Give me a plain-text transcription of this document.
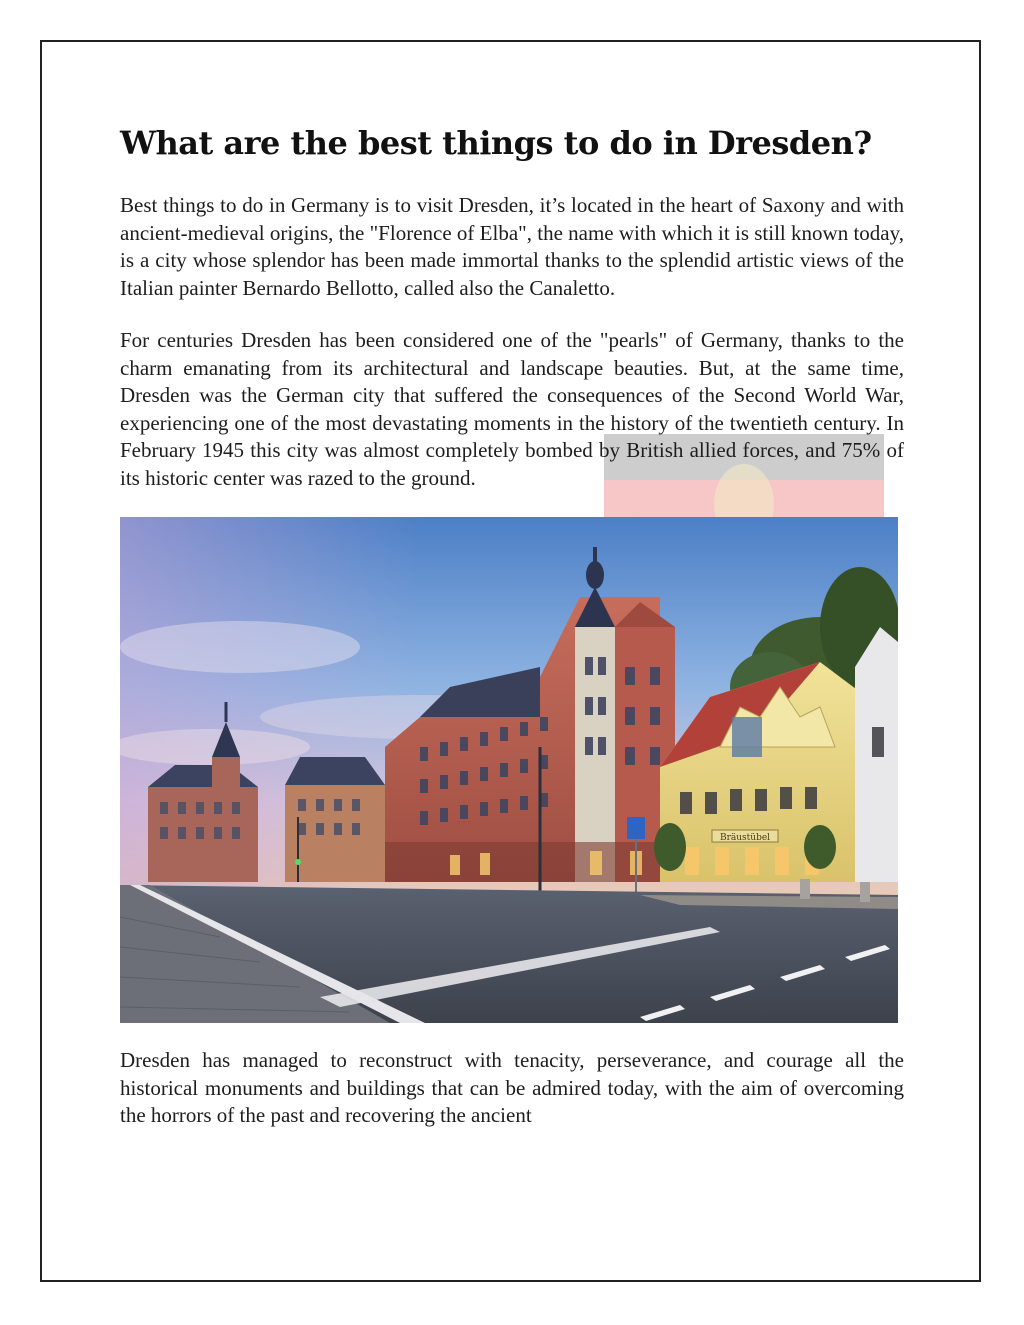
What are the best things to do in Dresden?

Best things to do in Germany is to visit Dresden, it’s located in the heart of Saxony and with ancient-medieval origins, the "Florence of Elba", the name with which it is still known today, is a city whose splendor has been made immortal thanks to the splendid artistic views of the Italian painter Bernardo Bellotto, called also the Canaletto.

For centuries Dresden has been considered one of the "pearls" of Germany, thanks to the charm emanating from its architectural and landscape beauties. But, at the same time, Dresden was the German city that suffered the consequences of the Second World War, experiencing one of the most devastating moments in the history of the twentieth century. In February 1945 this city was almost completely bombed by British allied forces, and 75% of its historic center was razed to the ground.

Bräustübel

Dresden has managed to reconstruct with tenacity, perseverance, and courage all the historical monuments and buildings that can be admired today, with the aim of overcoming the horrors of the past and recovering the ancient
